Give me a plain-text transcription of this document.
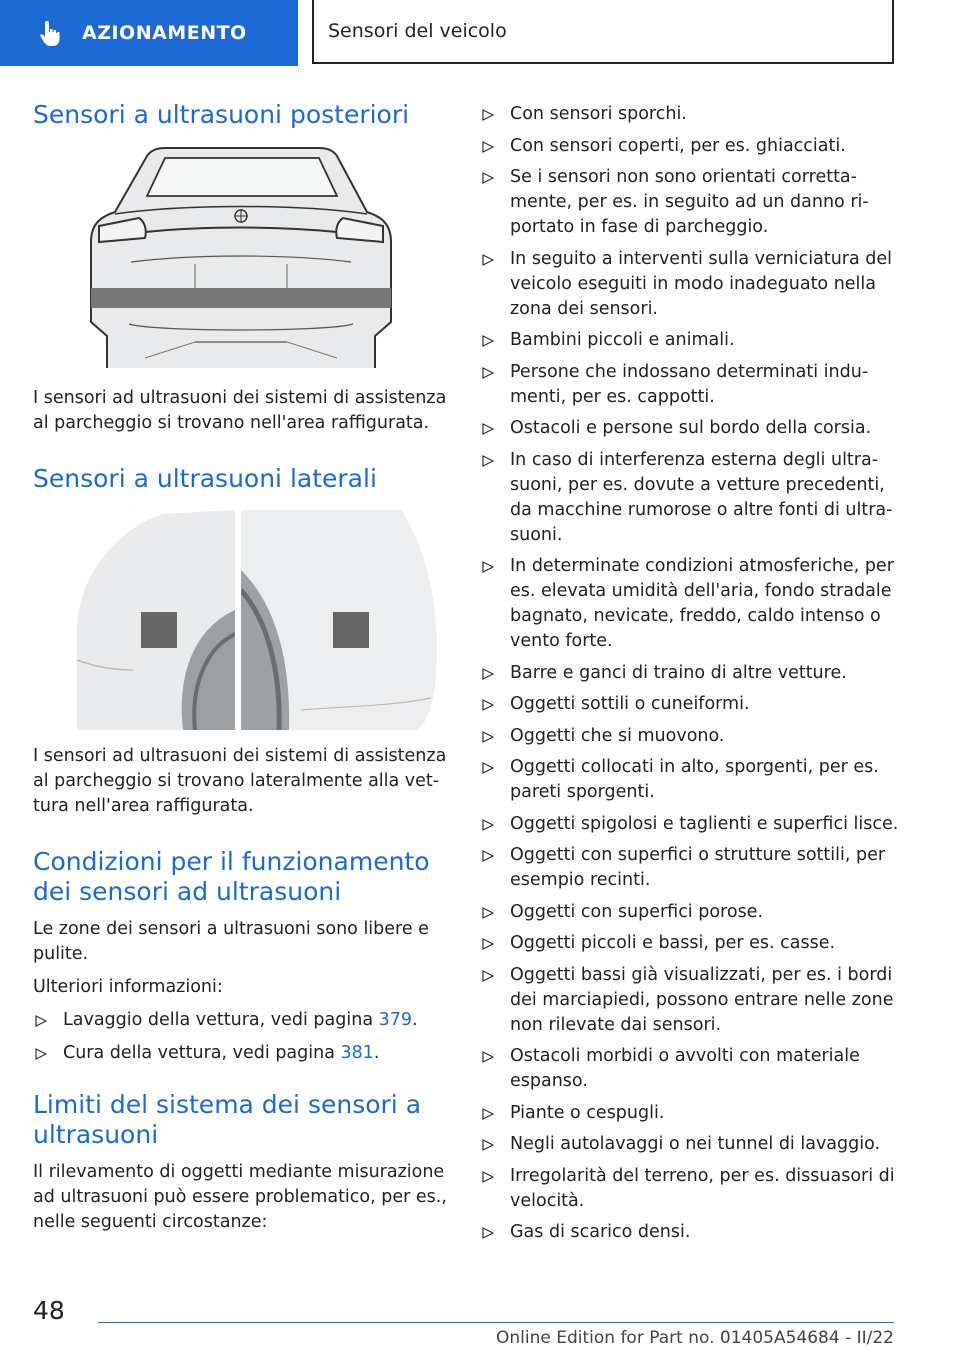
AZIONAMENTO	Sensori del veicolo
Sensori a ultrasuoni posteriori

I sensori ad ultrasuoni dei sistemi di assistenza al parcheggio si trovano nell'area raffigurata.

Sensori a ultrasuoni laterali

I sensori ad ultrasuoni dei sistemi di assistenza al parcheggio si trovano lateralmente alla vet-tura nell'area raffigurata.

Condizioni per il funzionamento dei sensori ad ultrasuoni

Le zone dei sensori a ultrasuoni sono libere e pulite.

Ulteriori informazioni:

Lavaggio della vettura, vedi pagina 379.
Cura della vettura, vedi pagina 381.
Limiti del sistema dei sensori a ultrasuoni

Il rilevamento di oggetti mediante misurazione ad ultrasuoni può essere problematico, per es., nelle seguenti circostanze:

Con sensori sporchi.
Con sensori coperti, per es. ghiacciati.
Se i sensori non sono orientati corretta-mente, per es. in seguito ad un danno ri-portato in fase di parcheggio.
In seguito a interventi sulla verniciatura del veicolo eseguiti in modo inadeguato nella zona dei sensori.
Bambini piccoli e animali.
Persone che indossano determinati indu-menti, per es. cappotti.
Ostacoli e persone sul bordo della corsia.
In caso di interferenza esterna degli ultra-suoni, per es. dovute a vetture precedenti, da macchine rumorose o altre fonti di ultra-suoni.
In determinate condizioni atmosferiche, per es. elevata umidità dell'aria, fondo stradale bagnato, nevicate, freddo, caldo intenso o vento forte.
Barre e ganci di traino di altre vetture.
Oggetti sottili o cuneiformi.
Oggetti che si muovono.
Oggetti collocati in alto, sporgenti, per es. pareti sporgenti.
Oggetti spigolosi e taglienti e superfici lisce.
Oggetti con superfici o strutture sottili, per esempio recinti.
Oggetti con superfici porose.
Oggetti piccoli e bassi, per es. casse.
Oggetti bassi già visualizzati, per es. i bordi dei marciapiedi, possono entrare nelle zone non rilevate dai sensori.
Ostacoli morbidi o avvolti con materiale espanso.
Piante o cespugli.
Negli autolavaggi o nei tunnel di lavaggio.
Irregolarità del terreno, per es. dissuasori di velocità.
Gas di scarico densi.
48
Online Edition for Part no. 01405A54684 - II/22
